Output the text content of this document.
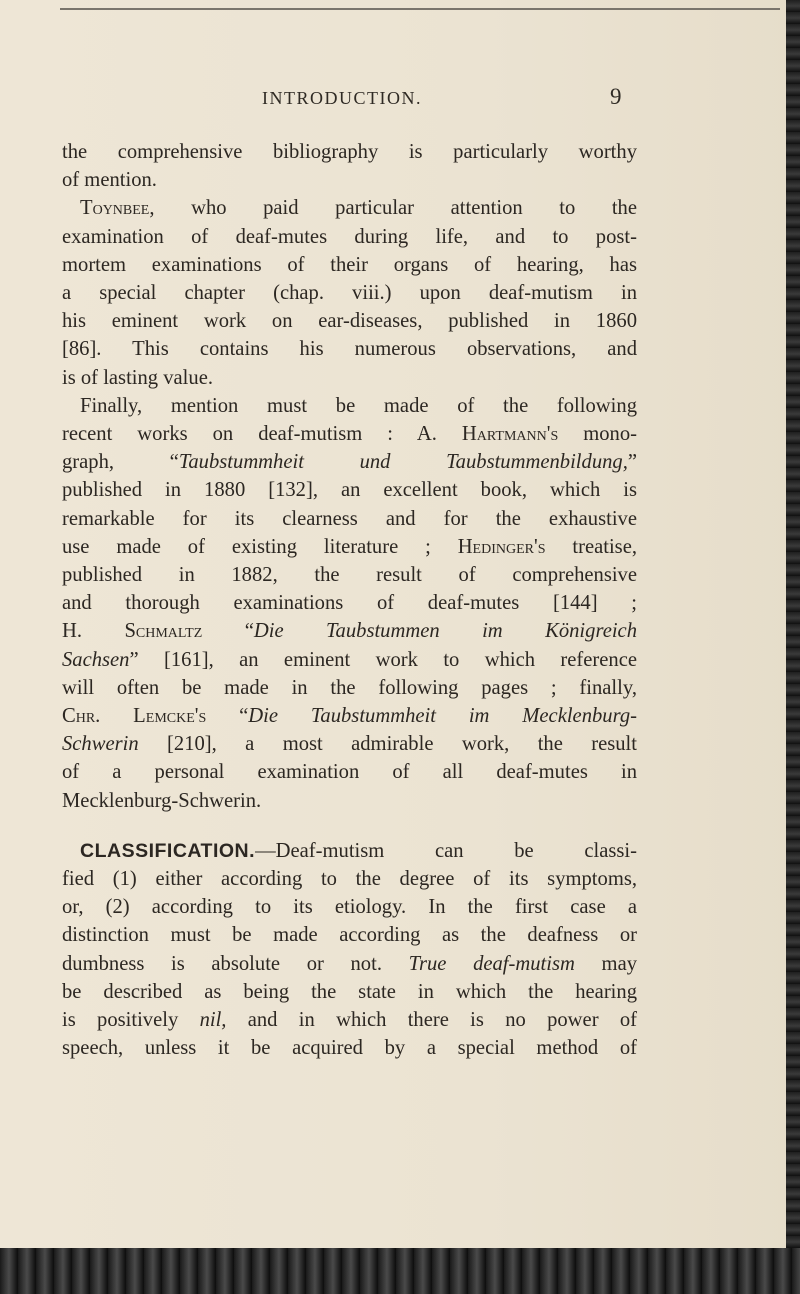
INTRODUCTION.	9
the comprehensive bibliography is particularly worthy
of mention.
Toynbee, who paid particular attention to the
examination of deaf-mutes during life, and to post-
mortem examinations of their organs of hearing, has
a special chapter (chap. viii.) upon deaf-mutism in
his eminent work on ear-diseases, published in 1860
[86]. This contains his numerous observations, and
is of lasting value.
Finally, mention must be made of the following
recent works on deaf-mutism : A. Hartmann's mono-
graph, “Taubstummheit und Taubstummenbildung,”
published in 1880 [132], an excellent book, which is
remarkable for its clearness and for the exhaustive
use made of existing literature ; Hedinger's treatise,
published in 1882, the result of comprehensive
and thorough examinations of deaf-mutes [144] ;
H. Schmaltz “Die Taubstummen im Königreich
Sachsen” [161], an eminent work to which reference
will often be made in the following pages ; finally,
Chr. Lemcke's “Die Taubstummheit im Mecklenburg-
Schwerin [210], a most admirable work, the result
of a personal examination of all deaf-mutes in
Mecklenburg-Schwerin.
CLASSIFICATION.—Deaf-mutism can be classi-
fied (1) either according to the degree of its symptoms,
or, (2) according to its etiology. In the first case a
distinction must be made according as the deafness or
dumbness is absolute or not. True deaf-mutism may
be described as being the state in which the hearing
is positively nil, and in which there is no power of
speech, unless it be acquired by a special method of
